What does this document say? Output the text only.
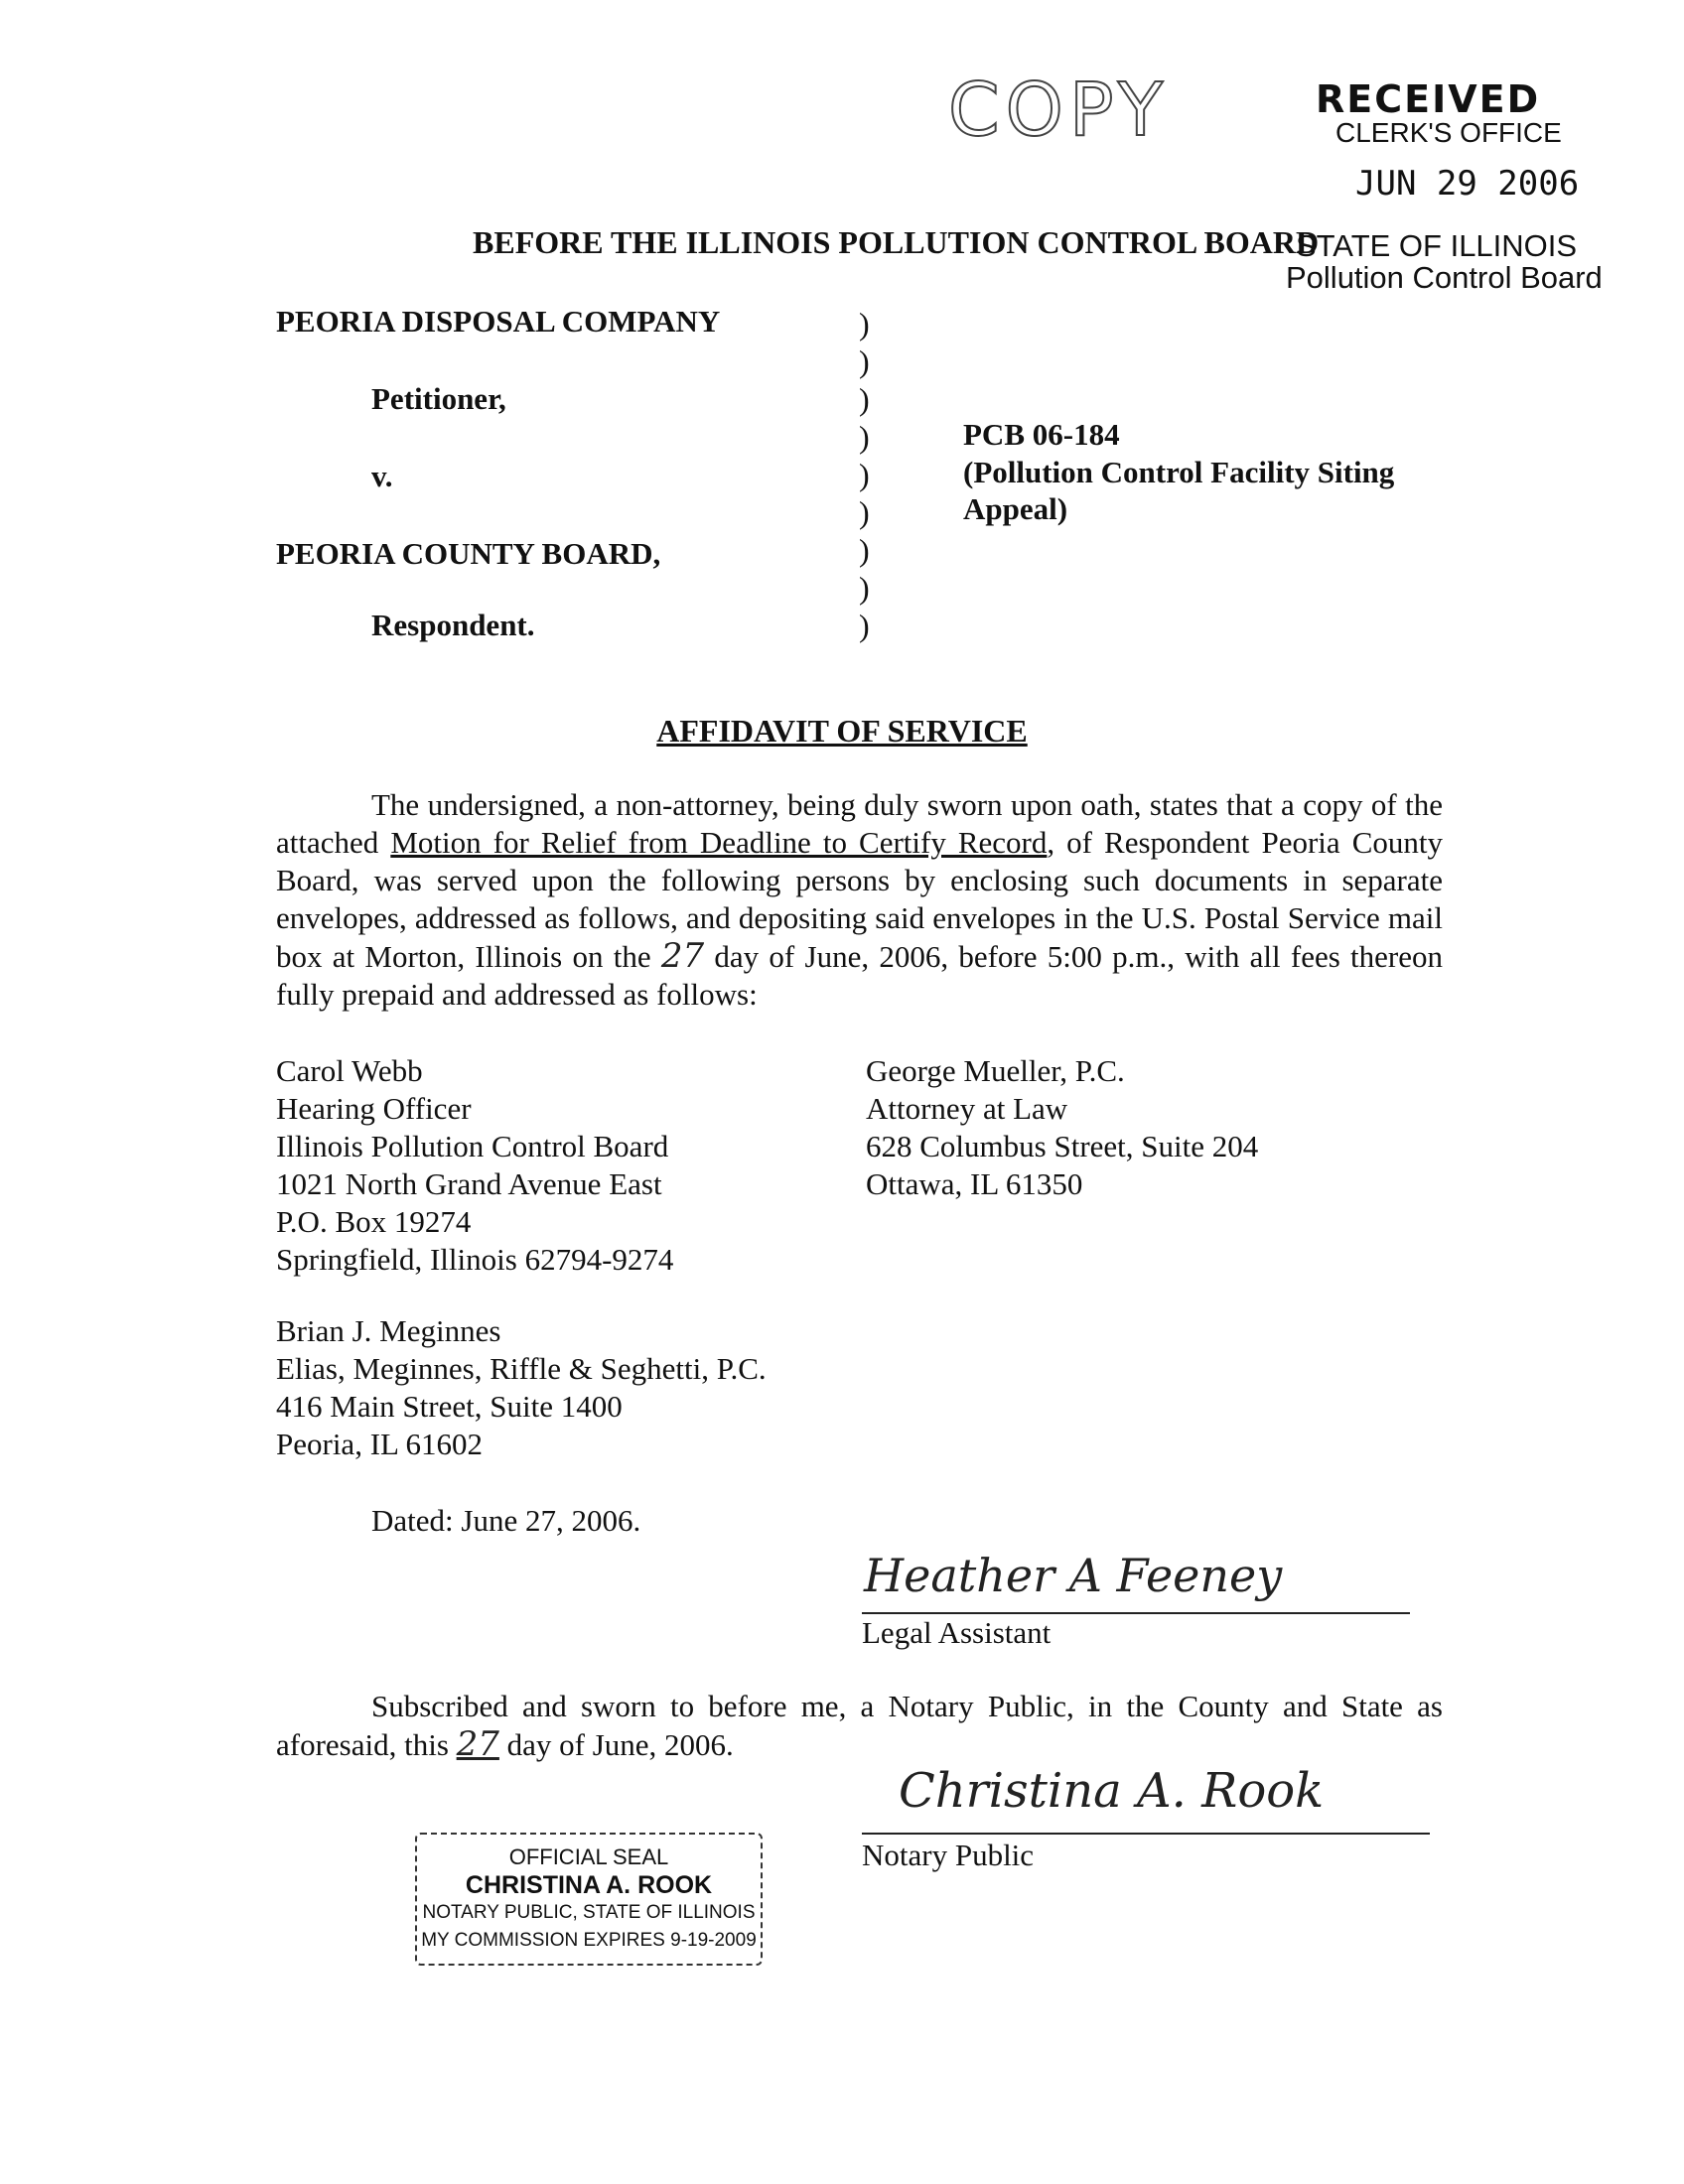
COPY	RECEIVED
CLERK'S OFFICE
JUN 29 2006
BEFORE THE ILLINOIS POLLUTION CONTROL BOARD
STATE OF ILLINOIS
Pollution Control Board
PEORIA DISPOSAL COMPANY
Petitioner,
v.
PEORIA COUNTY BOARD,
Respondent.
)
)
)
)
)
)
)
)
)
PCB 06-184
(Pollution Control Facility Siting
Appeal)
AFFIDAVIT OF SERVICE

The undersigned, a non-attorney, being duly sworn upon oath, states that a copy of the attached Motion for Relief from Deadline to Certify Record, of Respondent Peoria County Board, was served upon the following persons by enclosing such documents in separate envelopes, addressed as follows, and depositing said envelopes in the U.S. Postal Service mail box at Morton, Illinois on the 27 day of June, 2006, before 5:00 p.m., with all fees thereon fully prepaid and addressed as follows:

Carol Webb
Hearing Officer
Illinois Pollution Control Board
1021 North Grand Avenue East
P.O. Box 19274
Springfield, Illinois 62794-9274
George Mueller, P.C.
Attorney at Law
628 Columbus Street, Suite 204
Ottawa, IL 61350
Brian J. Meginnes
Elias, Meginnes, Riffle & Seghetti, P.C.
416 Main Street, Suite 1400
Peoria, IL 61602
Dated: June 27, 2006.
Heather A Feeney
Legal Assistant

Subscribed and sworn to before me, a Notary Public, in the County and State as aforesaid, this 27 day of June, 2006.

Christina A. Rook
Notary Public
OFFICIAL SEAL
CHRISTINA A. ROOK
NOTARY PUBLIC, STATE OF ILLINOIS
MY COMMISSION EXPIRES 9-19-2009
